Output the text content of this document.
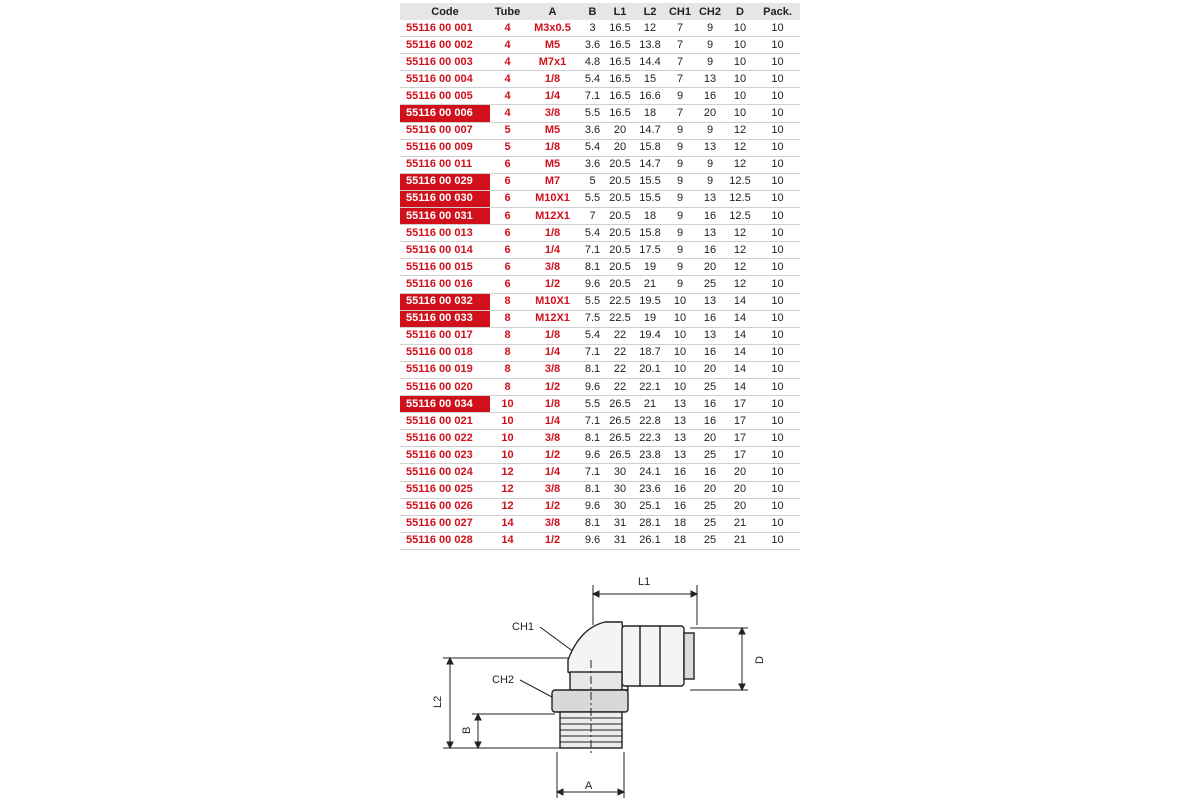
Code	Tube	A	B	L1	L2	CH1	CH2	D	Pack.
55116 00 001	4	M3x0.5	3	16.5	12	7	9	10	10
55116 00 002	4	M5	3.6	16.5	13.8	7	9	10	10
55116 00 003	4	M7x1	4.8	16.5	14.4	7	9	10	10
55116 00 004	4	1/8	5.4	16.5	15	7	13	10	10
55116 00 005	4	1/4	7.1	16.5	16.6	9	16	10	10
55116 00 006	4	3/8	5.5	16.5	18	7	20	10	10
55116 00 007	5	M5	3.6	20	14.7	9	9	12	10
55116 00 009	5	1/8	5.4	20	15.8	9	13	12	10
55116 00 011	6	M5	3.6	20.5	14.7	9	9	12	10
55116 00 029	6	M7	5	20.5	15.5	9	9	12.5	10
55116 00 030	6	M10X1	5.5	20.5	15.5	9	13	12.5	10
55116 00 031	6	M12X1	7	20.5	18	9	16	12.5	10
55116 00 013	6	1/8	5.4	20.5	15.8	9	13	12	10
55116 00 014	6	1/4	7.1	20.5	17.5	9	16	12	10
55116 00 015	6	3/8	8.1	20.5	19	9	20	12	10
55116 00 016	6	1/2	9.6	20.5	21	9	25	12	10
55116 00 032	8	M10X1	5.5	22.5	19.5	10	13	14	10
55116 00 033	8	M12X1	7.5	22.5	19	10	16	14	10
55116 00 017	8	1/8	5.4	22	19.4	10	13	14	10
55116 00 018	8	1/4	7.1	22	18.7	10	16	14	10
55116 00 019	8	3/8	8.1	22	20.1	10	20	14	10
55116 00 020	8	1/2	9.6	22	22.1	10	25	14	10
55116 00 034	10	1/8	5.5	26.5	21	13	16	17	10
55116 00 021	10	1/4	7.1	26.5	22.8	13	16	17	10
55116 00 022	10	3/8	8.1	26.5	22.3	13	20	17	10
55116 00 023	10	1/2	9.6	26.5	23.8	13	25	17	10
55116 00 024	12	1/4	7.1	30	24.1	16	16	20	10
55116 00 025	12	3/8	8.1	30	23.6	16	20	20	10
55116 00 026	12	1/2	9.6	30	25.1	16	25	20	10
55116 00 027	14	3/8	8.1	31	28.1	18	25	21	10
55116 00 028	14	1/2	9.6	31	26.1	18	25	21	10
L1
CH1
CH2
A
D
L2
B
